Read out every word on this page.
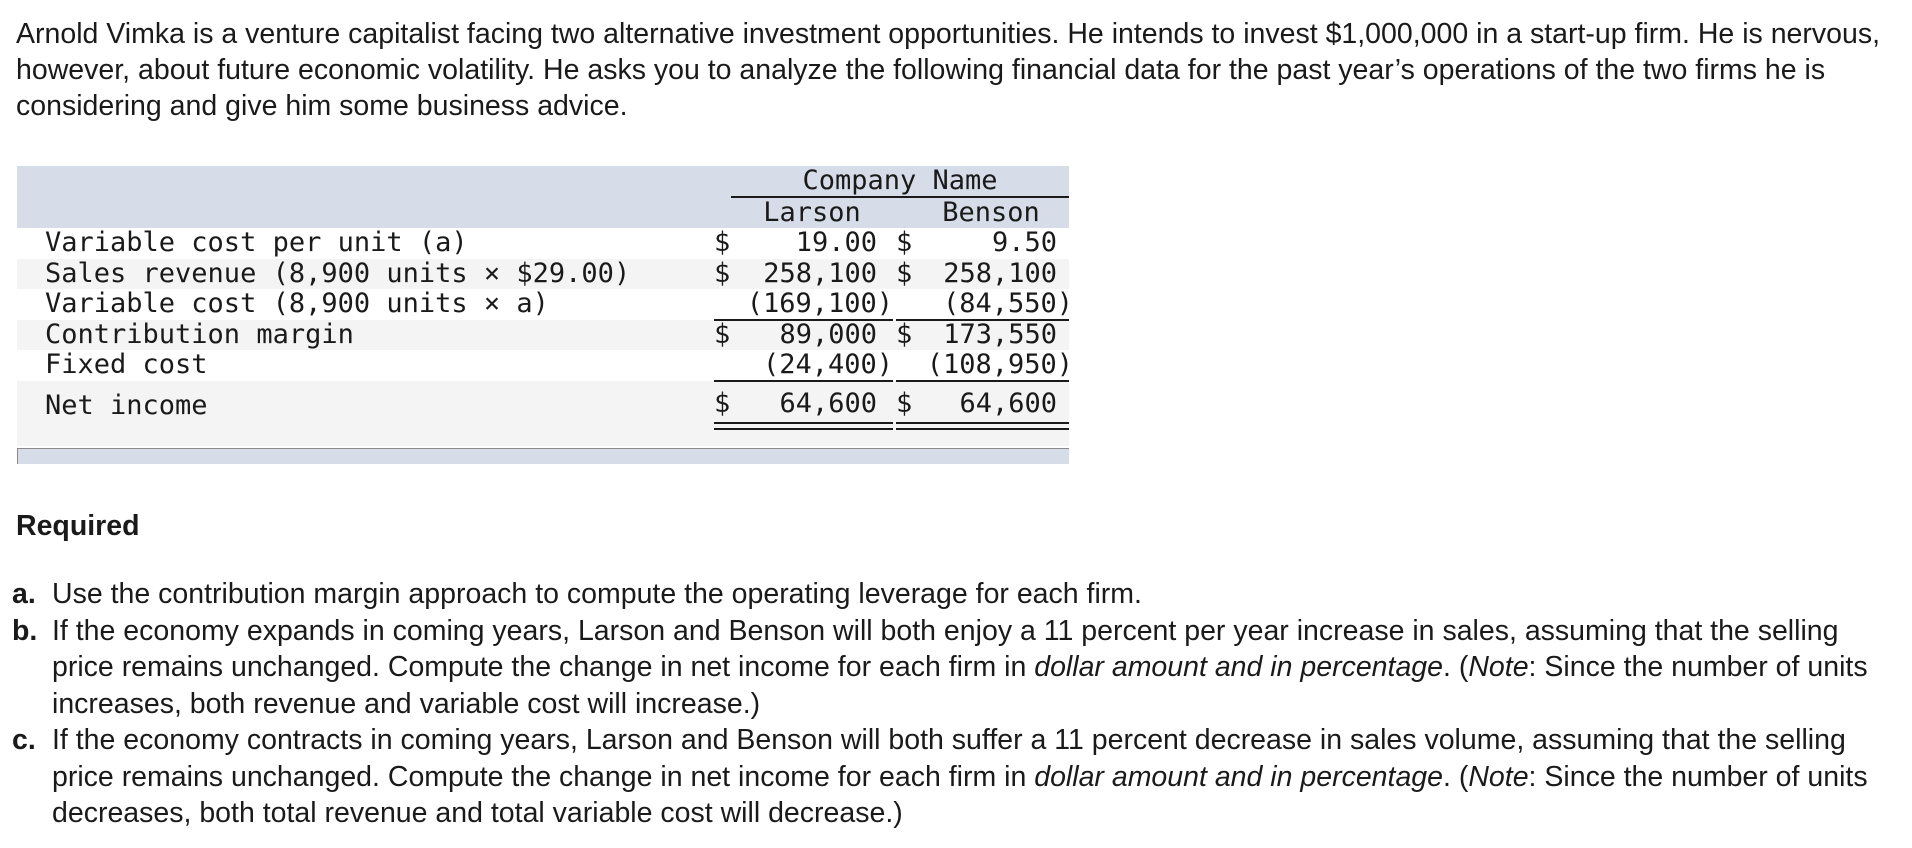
Arnold Vimka is a venture capitalist facing two alternative investment opportunities. He intends to invest $1,000,000 in a start-up firm. He is nervous, however, about future economic volatility. He asks you to analyze the following financial data for the past year’s operations of the two firms he is considering and give him some business advice.

Company Name
Larson	Benson
Variable cost per unit (a)	$	19.00 $	9.50
Sales revenue (8,900 units × $29.00)	$	258,100 $	258,100
Variable cost (8,900 units × a)	(169,100)	(84,550)
Contribution margin	$	89,000 $	173,550
Fixed cost	(24,400)	(108,950)
Net income	$	64,600 $	64,600
Required
a. Use the contribution margin approach to compute the operating leverage for each firm.
b. If the economy expands in coming years, Larson and Benson will both enjoy a 11 percent per year increase in sales, assuming that the selling price remains unchanged. Compute the change in net income for each firm in dollar amount and in percentage. (Note: Since the number of units increases, both revenue and variable cost will increase.)
c. If the economy contracts in coming years, Larson and Benson will both suffer a 11 percent decrease in sales volume, assuming that the selling price remains unchanged. Compute the change in net income for each firm in dollar amount and in percentage. (Note: Since the number of units decreases, both total revenue and total variable cost will decrease.)
